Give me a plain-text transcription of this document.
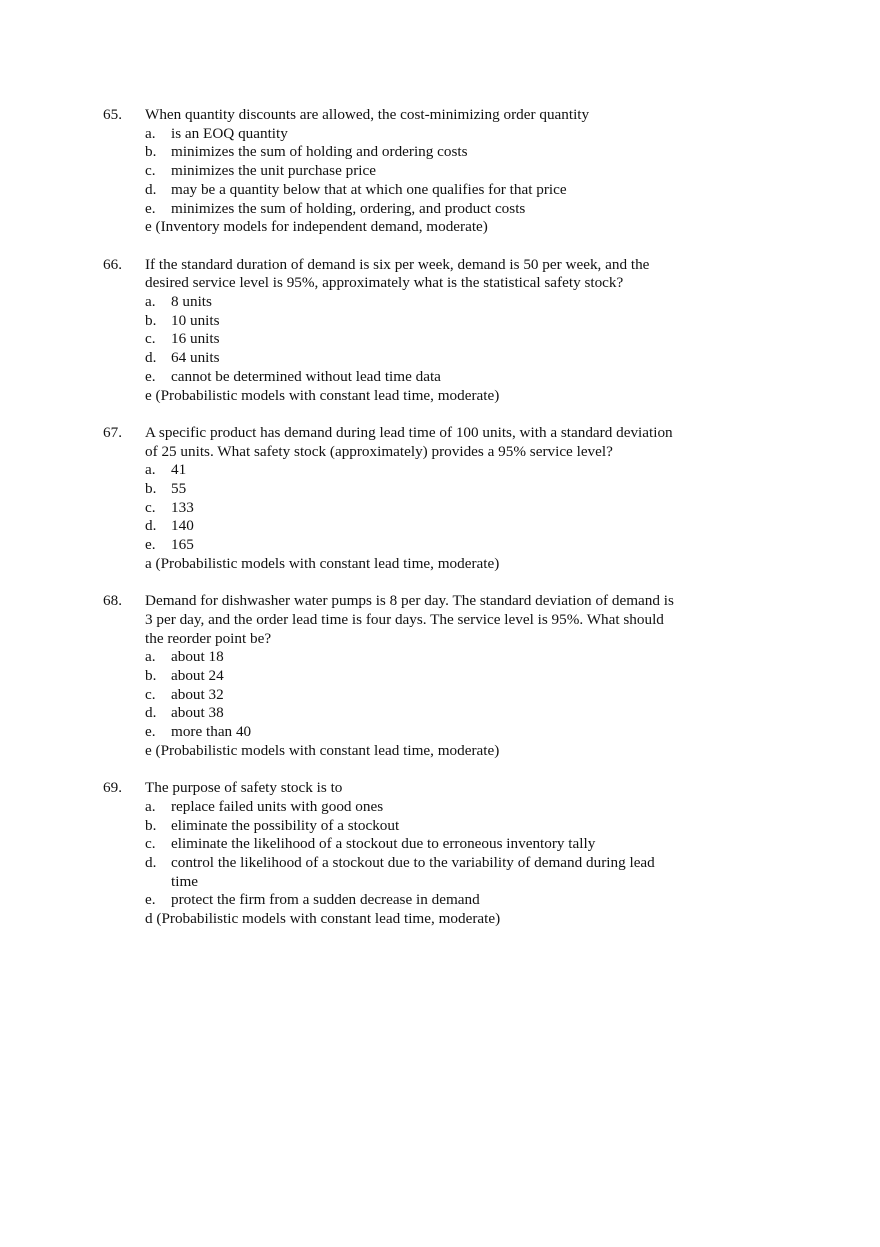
65. When quantity discounts are allowed, the cost-minimizing order quantity
a. is an EOQ quantity
b. minimizes the sum of holding and ordering costs
c. minimizes the unit purchase price
d. may be a quantity below that at which one qualifies for that price
e. minimizes the sum of holding, ordering, and product costs
e (Inventory models for independent demand, moderate)
66. If the standard duration of demand is six per week, demand is 50 per week, and the desired service level is 95%, approximately what is the statistical safety stock?
a. 8 units
b. 10 units
c. 16 units
d. 64 units
e. cannot be determined without lead time data
e (Probabilistic models with constant lead time, moderate)
67. A specific product has demand during lead time of 100 units, with a standard deviation of 25 units. What safety stock (approximately) provides a 95% service level?
a. 41
b. 55
c. 133
d. 140
e. 165
a (Probabilistic models with constant lead time, moderate)
68. Demand for dishwasher water pumps is 8 per day. The standard deviation of demand is 3 per day, and the order lead time is four days. The service level is 95%. What should the reorder point be?
a. about 18
b. about 24
c. about 32
d. about 38
e. more than 40
e (Probabilistic models with constant lead time, moderate)
69. The purpose of safety stock is to
a. replace failed units with good ones
b. eliminate the possibility of a stockout
c. eliminate the likelihood of a stockout due to erroneous inventory tally
d. control the likelihood of a stockout due to the variability of demand during lead time
e. protect the firm from a sudden decrease in demand
d (Probabilistic models with constant lead time, moderate)
